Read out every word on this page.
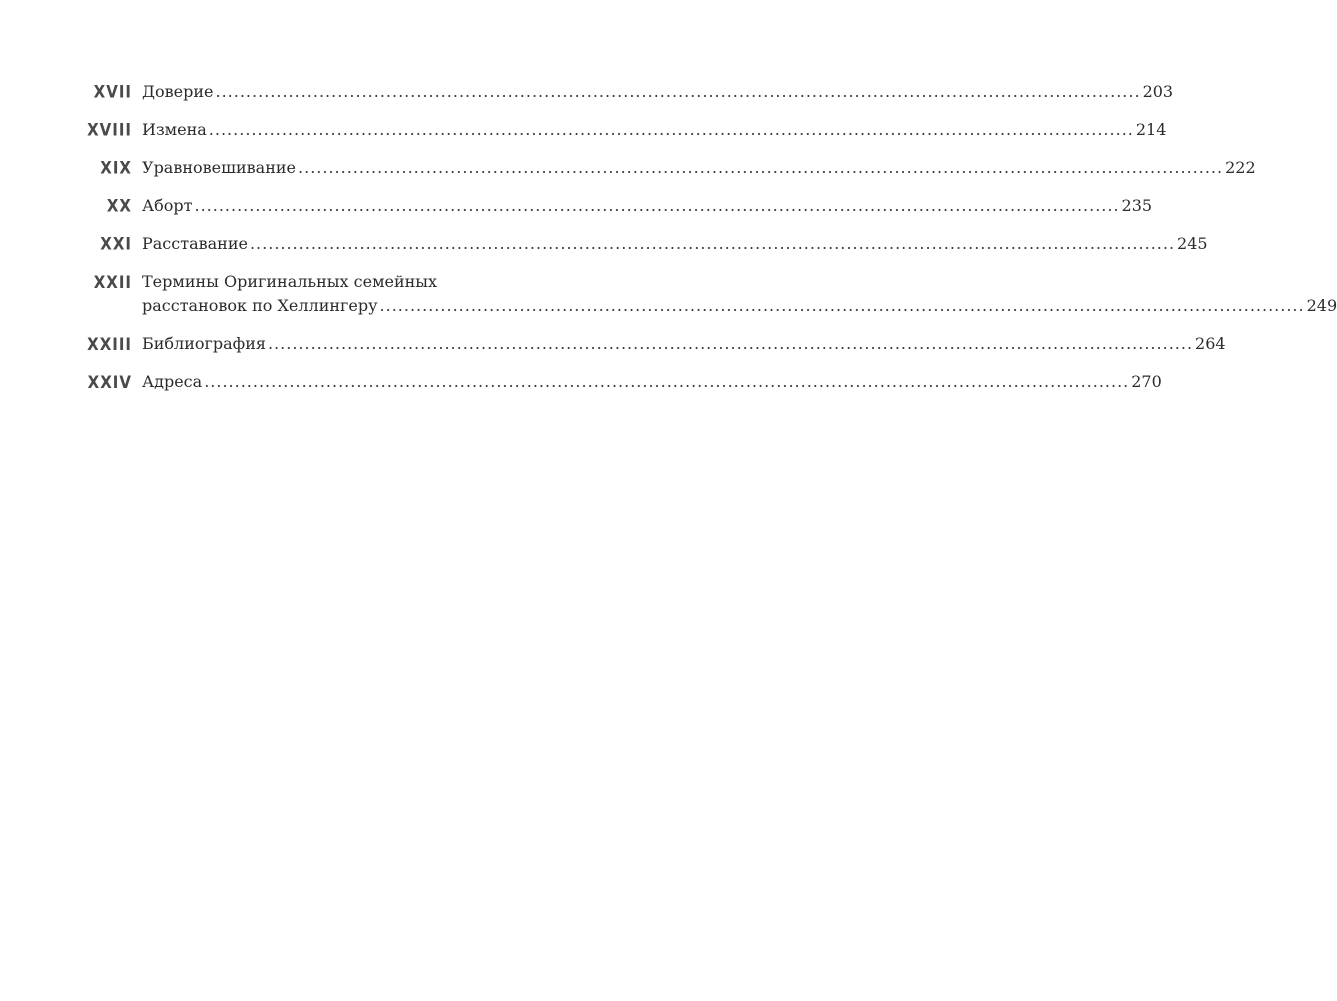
XVII Доверие .....	203
XVIII Измена .....	214
XIX Уравновешивание .....	222
XX Аборт .....	235
XXI Расставание .....	245
XXII Термины Оригинальных семейных
расстановок по Хеллингеру .....	249
XXIII Библиография .....	264
XXIV Адреса .....	270
